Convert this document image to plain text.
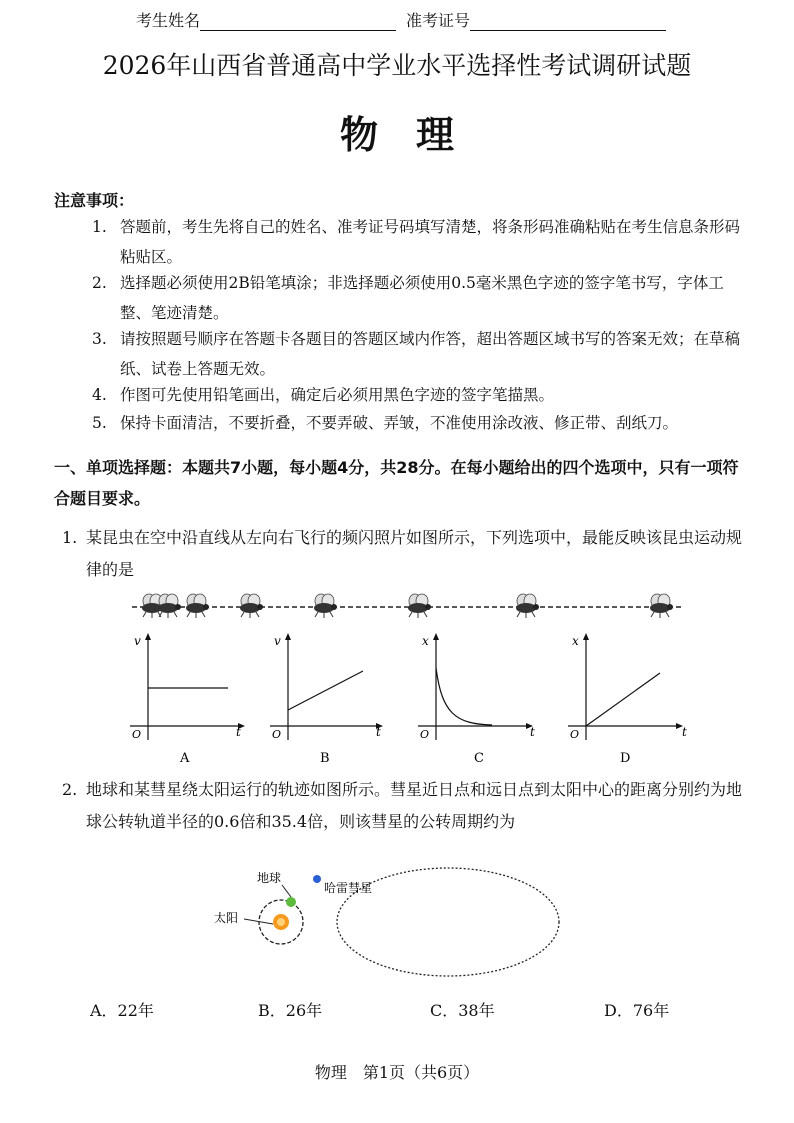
考生姓名	准考证号
2026年山西省普通高中学业水平选择性考试调研试题
物理
注意事项：
1. 答题前，考生先将自己的姓名、准考证号码填写清楚，将条形码准确粘贴在考生信息条形码粘贴区。
2. 选择题必须使用2B铅笔填涂；非选择题必须使用0.5毫米黑色字迹的签字笔书写，字体工整、笔迹清楚。
3. 请按照题号顺序在答题卡各题目的答题区域内作答，超出答题区域书写的答案无效；在草稿纸、试卷上答题无效。
4. 作图可先使用铅笔画出，确定后必须用黑色字迹的签字笔描黑。
5. 保持卡面清洁，不要折叠，不要弄破、弄皱，不准使用涂改液、修正带、刮纸刀。
一、单项选择题：本题共7小题，每小题4分，共28分。在每小题给出的四个选项中，只有一项符合题目要求。
1. 某昆虫在空中沿直线从左向右飞行的频闪照片如图所示，下列选项中，最能反映该昆虫运动规律的是
v
t
O
A
v
t
O
B
x
t
O
C
x
t
O
D
2. 地球和某彗星绕太阳运行的轨迹如图所示。彗星近日点和远日点到太阳中心的距离分别约为地球公转轨道半径的0.6倍和35.4倍，则该彗星的公转周期约为
地球
哈雷彗星
太阳
A．22年	B．26年	C．38年	D．76年
物理　第1页（共6页）
